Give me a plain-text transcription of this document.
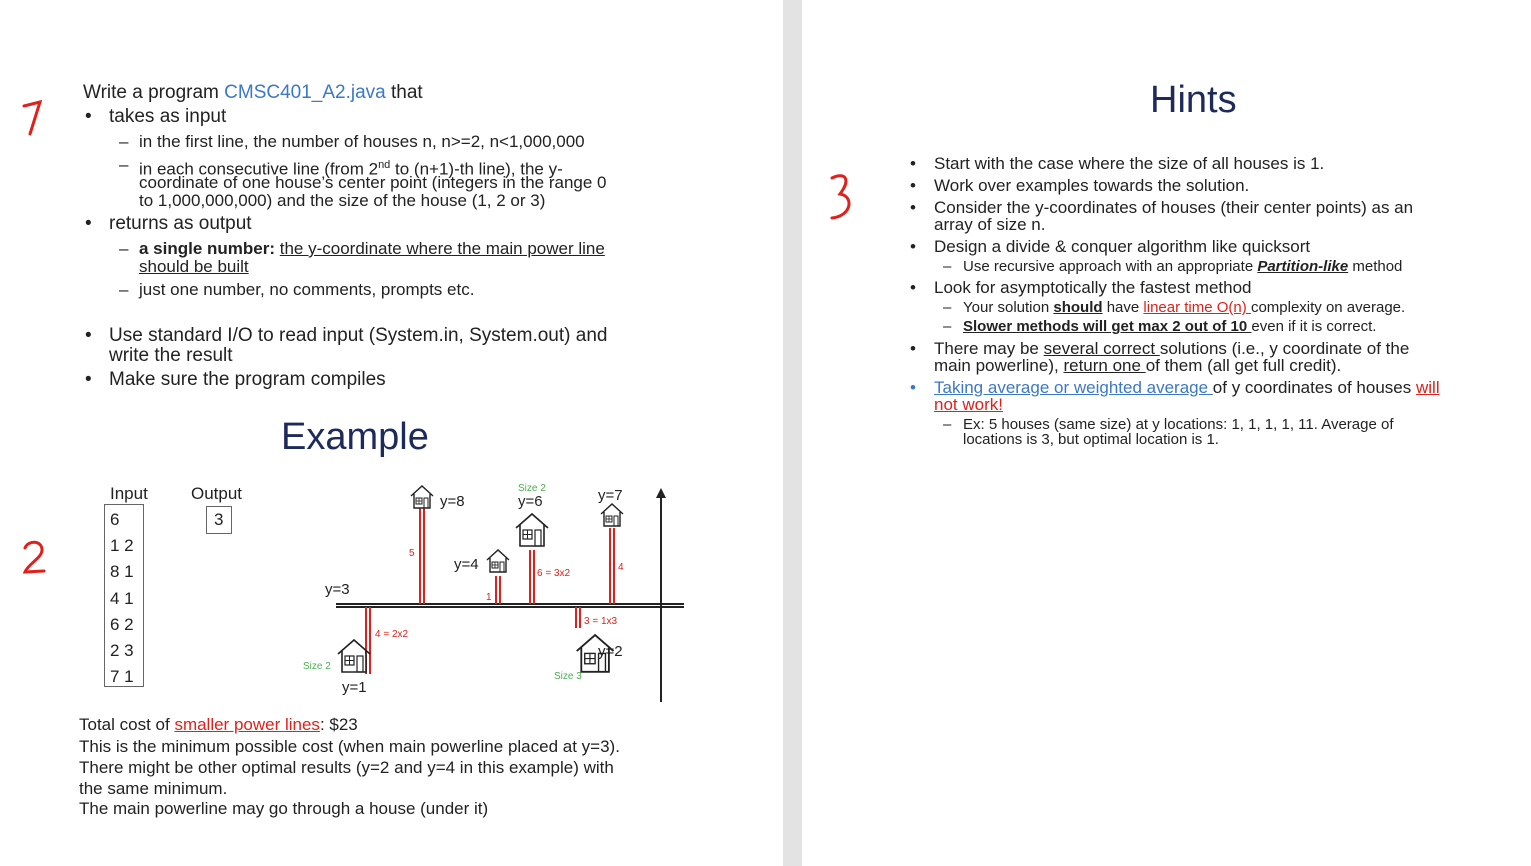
Write a program CMSC401_A2.java that
• takes as input
– in the first line, the number of houses n, n>=2, n<1,000,000
– in each consecutive line (from 2nd to (n+1)-th line), the y-
coordinate of one house’s center point (integers in the range 0
to 1,000,000,000) and the size of the house (1, 2 or 3)
• returns as output
– a single number: the y-coordinate where the main power line
should be built
– just one number, no comments, prompts etc.
• Use standard I/O to read input (System.in, System.out) and
write the result
• Make sure the program compiles
Example
Input	Output
6
1 2
8 1
4 1
6 2
2 3
7 1
3
y=8	y=6	y=7
y=4
y=3
y=2
y=1
Size 2
Size 2
Size 3
5
1
6 = 3x2
4
4 = 2x2
3 = 1x3
Total cost of smaller power lines: $23
This is the minimum possible cost (when main powerline placed at y=3).
There might be other optimal results (y=2 and y=4 in this example) with
the same minimum.
The main powerline may go through a house (under it)
Hints
• Start with the case where the size of all houses is 1.
• Work over examples towards the solution.
• Consider the y-coordinates of houses (their center points) as an
array of size n.
• Design a divide & conquer algorithm like quicksort
– Use recursive approach with an appropriate Partition-like method
• Look for asymptotically the fastest method
– Your solution should have linear time O(n) complexity on average.
– Slower methods will get max 2 out of 10 even if it is correct.
• There may be several correct solutions (i.e., y coordinate of the
main powerline), return one of them (all get full credit).
• Taking average or weighted average of y coordinates of houses will
not work!
– Ex: 5 houses (same size) at y locations: 1, 1, 1, 1, 11. Average of
locations is 3, but optimal location is 1.
